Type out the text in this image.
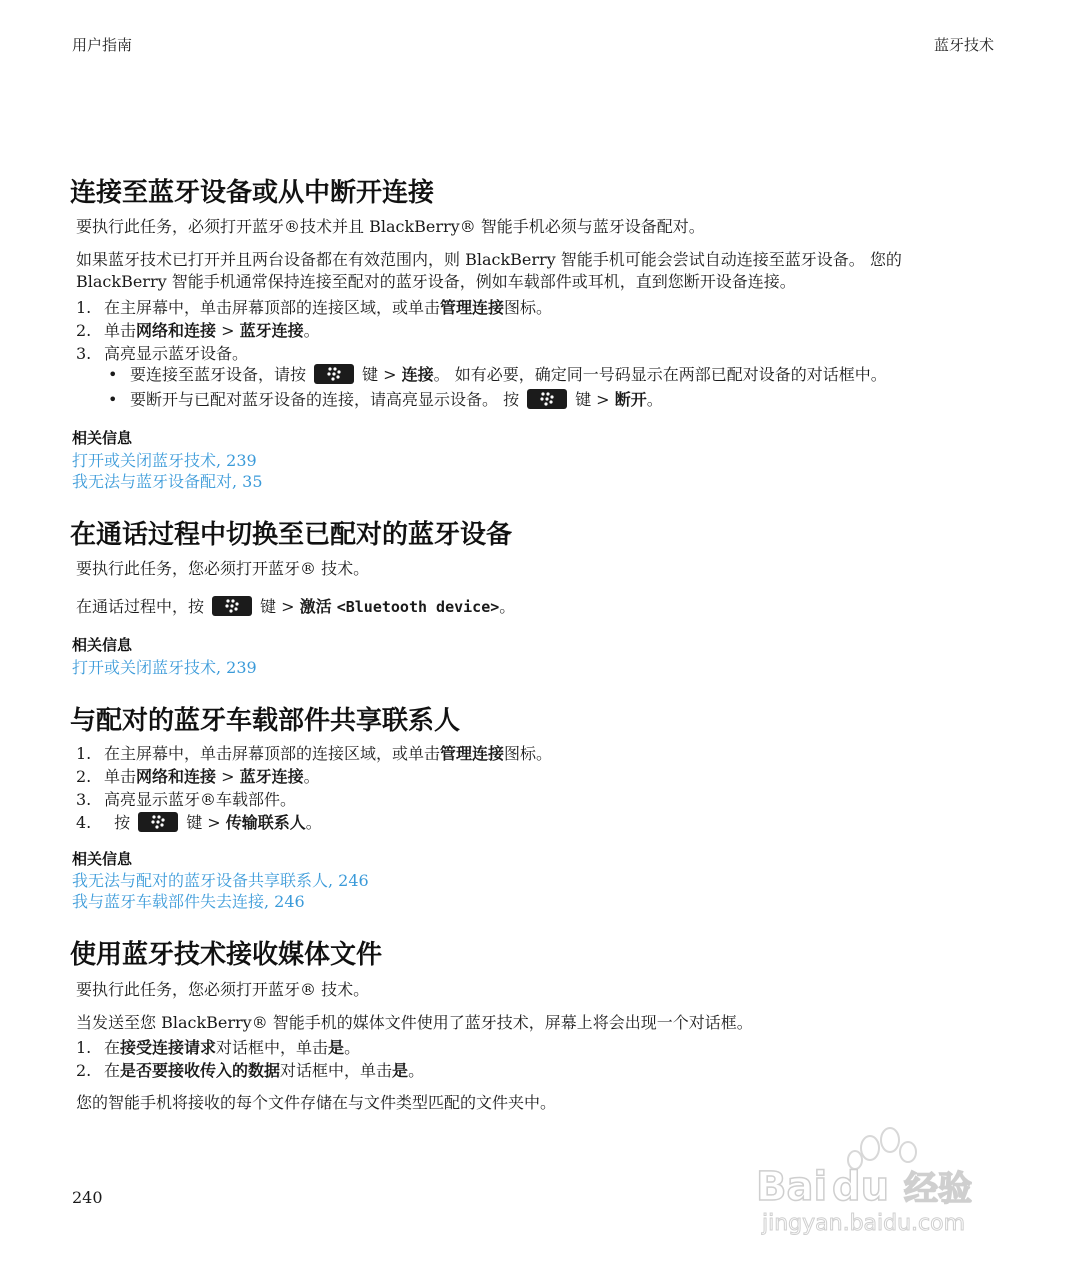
用户指南	蓝牙技术
连接至蓝牙设备或从中断开连接
要执行此任务，必须打开蓝牙®技术并且 BlackBerry® 智能手机必须与蓝牙设备配对。
如果蓝牙技术已打开并且两台设备都在有效范围内，则 BlackBerry 智能手机可能会尝试自动连接至蓝牙设备。 您的
BlackBerry 智能手机通常保持连接至配对的蓝牙设备，例如车载部件或耳机，直到您断开设备连接。
1. 在主屏幕中，单击屏幕顶部的连接区域，或单击管理连接图标。
2. 单击网络和连接 > 蓝牙连接。
3. 高亮显示蓝牙设备。
• 要连接至蓝牙设备，请按	键 > 连接。 如有必要，确定同一号码显示在两部已配对设备的对话框中。
• 要断开与已配对蓝牙设备的连接，请高亮显示设备。 按	键 > 断开。
相关信息
打开或关闭蓝牙技术, 239
我无法与蓝牙设备配对, 35
在通话过程中切换至已配对的蓝牙设备
要执行此任务，您必须打开蓝牙® 技术。
在通话过程中，按	键 > 激活 <Bluetooth device>。
相关信息
打开或关闭蓝牙技术, 239
与配对的蓝牙车载部件共享联系人
1. 在主屏幕中，单击屏幕顶部的连接区域，或单击管理连接图标。
2. 单击网络和连接 > 蓝牙连接。
3. 高亮显示蓝牙®车载部件。
4. 按	键 > 传输联系人。
相关信息
我无法与配对的蓝牙设备共享联系人, 246
我与蓝牙车载部件失去连接, 246
使用蓝牙技术接收媒体文件
要执行此任务，您必须打开蓝牙® 技术。
当发送至您 BlackBerry® 智能手机的媒体文件使用了蓝牙技术，屏幕上将会出现一个对话框。
1. 在接受连接请求对话框中，单击是。
2. 在是否要接收传入的数据对话框中，单击是。
您的智能手机将接收的每个文件存储在与文件类型匹配的文件夹中。
240	Bai du 经验
jingyan.baidu.com
